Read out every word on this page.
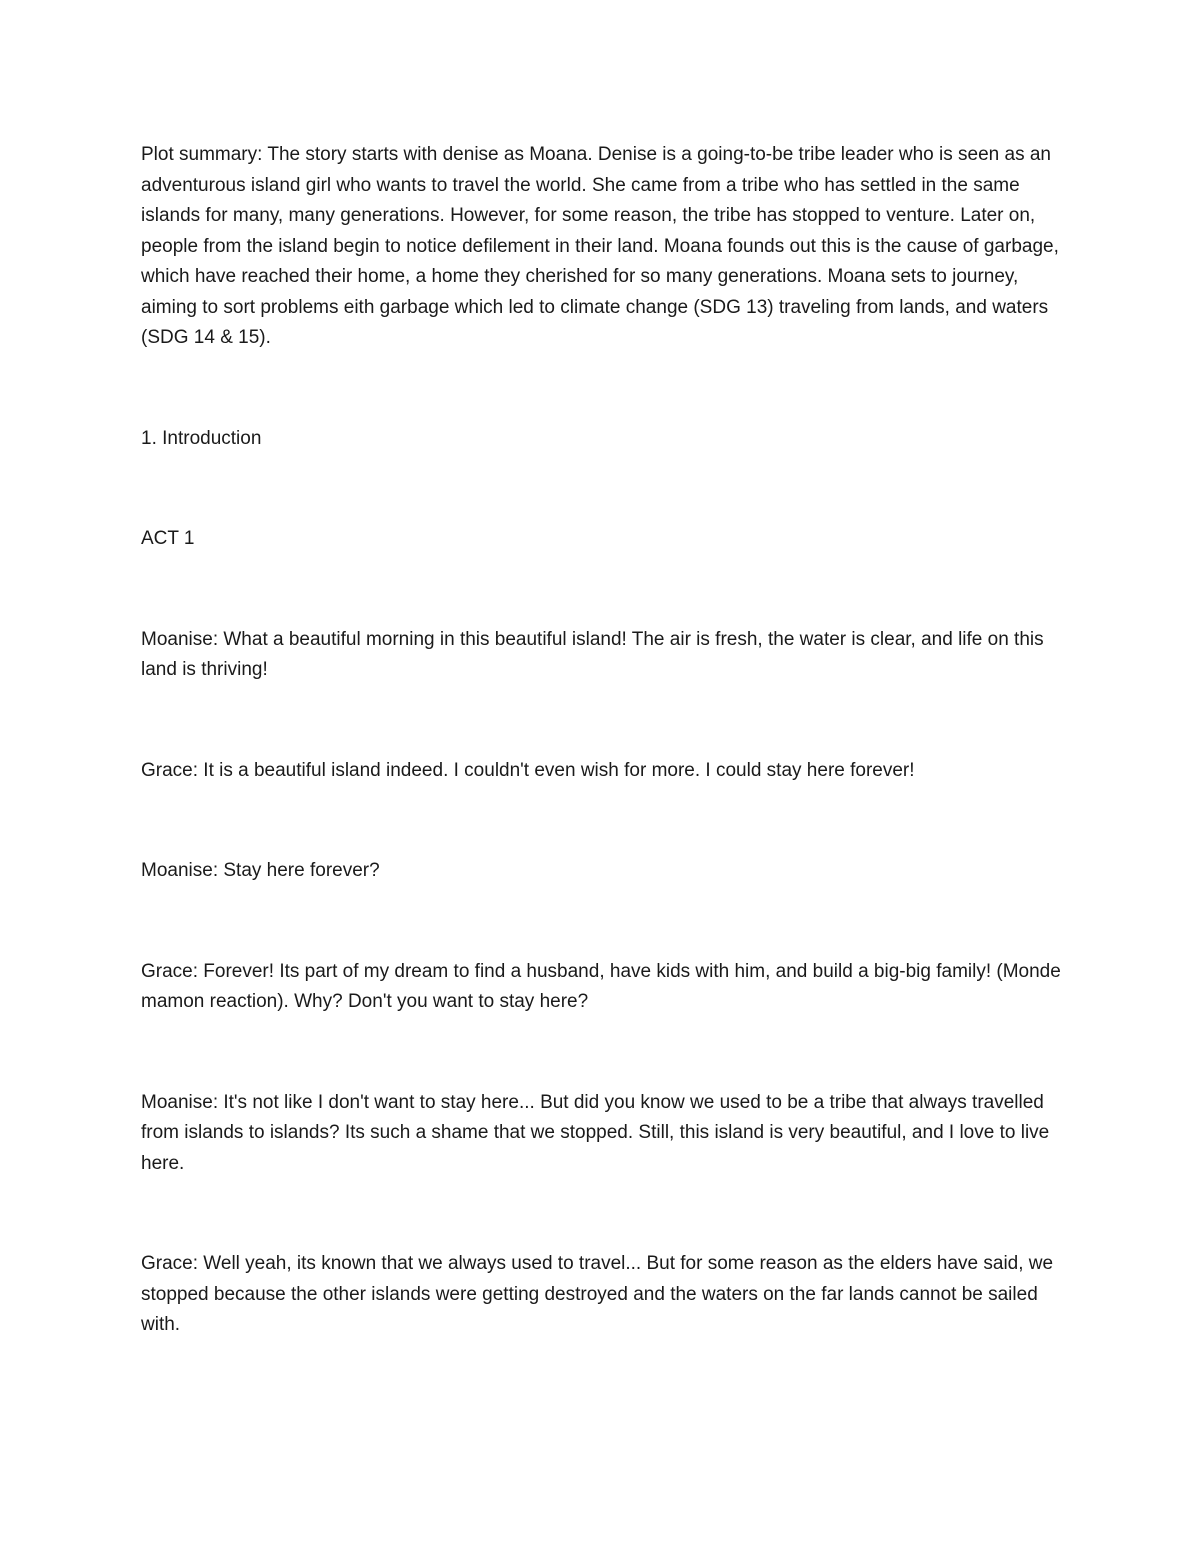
Plot summary: The story starts with denise as Moana. Denise is a going-to-be tribe leader who is seen as an adventurous island girl who wants to travel the world. She came from a tribe who has settled in the same islands for many, many generations. However, for some reason, the tribe has stopped to venture. Later on, people from the island begin to notice defilement in their land. Moana founds out this is the cause of garbage, which have reached their home, a home they cherished for so many generations. Moana sets to journey, aiming to sort problems eith garbage which led to climate change (SDG 13) traveling from lands, and waters (SDG 14 & 15).

1. Introduction

ACT 1

Moanise: What a beautiful morning in this beautiful island! The air is fresh, the water is clear, and life on this land is thriving!

Grace: It is a beautiful island indeed. I couldn't even wish for more. I could stay here forever!

Moanise: Stay here forever?

Grace: Forever! Its part of my dream to find a husband, have kids with him, and build a big-big family! (Monde mamon reaction). Why? Don't you want to stay here?

Moanise: It's not like I don't want to stay here... But did you know we used to be a tribe that always travelled from islands to islands? Its such a shame that we stopped. Still, this island is very beautiful, and I love to live here.

Grace: Well yeah, its known that we always used to travel... But for some reason as the elders have said, we stopped because the other islands were getting destroyed and the waters on the far lands cannot be sailed with.
